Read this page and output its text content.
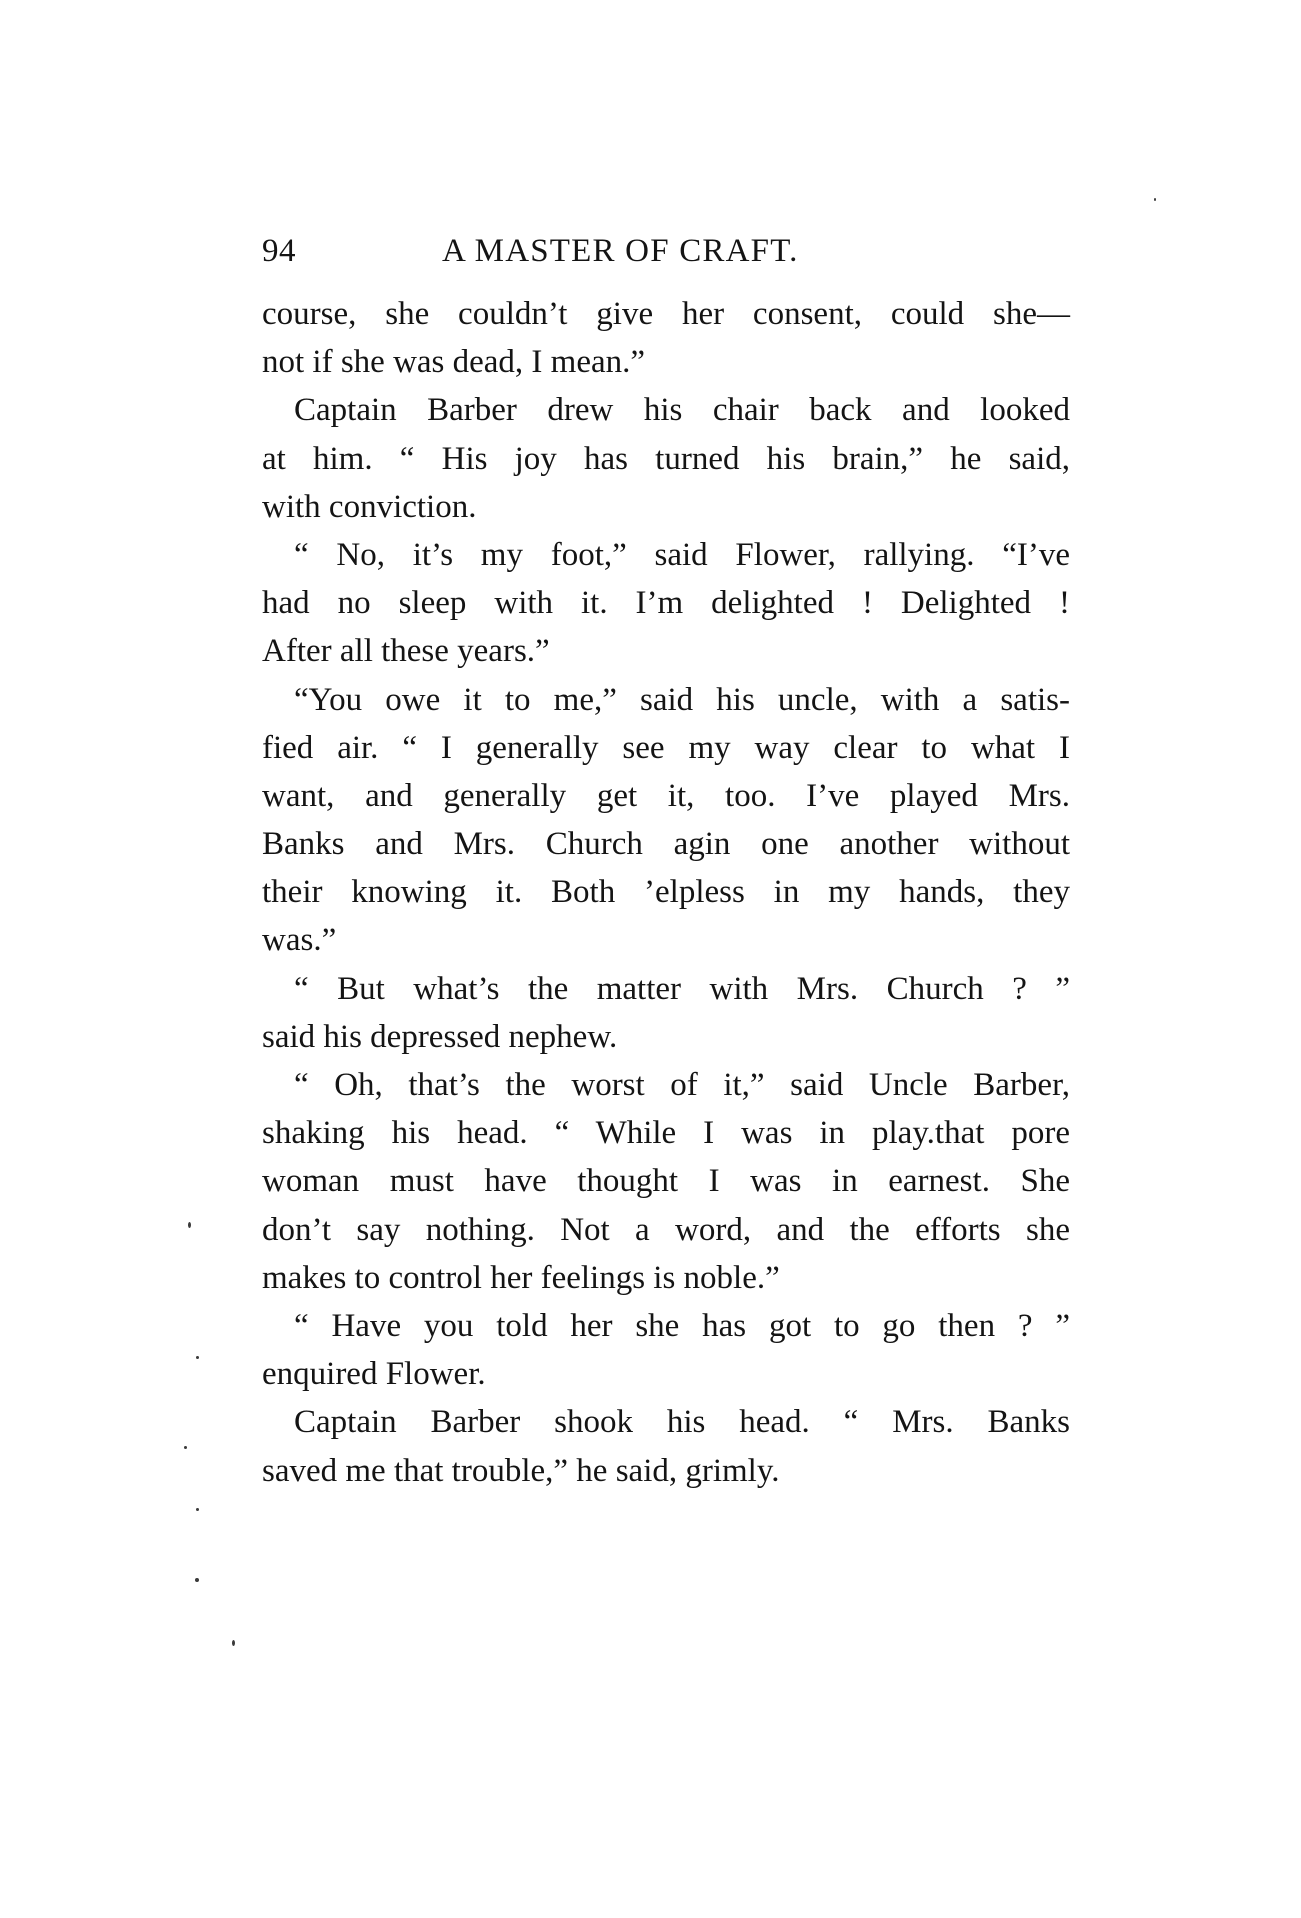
94	A MASTER OF CRAFT.
course, she couldn’t give her consent, could she—
not if she was dead, I mean.”
Captain Barber drew his chair back and looked
at him. “ His joy has turned his brain,” he said,
with conviction.
“ No, it’s my foot,” said Flower, rallying. “I’ve
had no sleep with it. I’m delighted ! Delighted !
After all these years.”
“You owe it to me,” said his uncle, with a satis-
fied air. “ I generally see my way clear to what I
want, and generally get it, too. I’ve played Mrs.
Banks and Mrs. Church agin one another without
their knowing it. Both ’elpless in my hands, they
was.”
“ But what’s the matter with Mrs. Church ? ”
said his depressed nephew.
“ Oh, that’s the worst of it,” said Uncle Barber,
shaking his head. “ While I was in play.that pore
woman must have thought I was in earnest. She
don’t say nothing. Not a word, and the efforts she
makes to control her feelings is noble.”
“ Have you told her she has got to go then ? ”
enquired Flower.
Captain Barber shook his head. “ Mrs. Banks
saved me that trouble,” he said, grimly.
